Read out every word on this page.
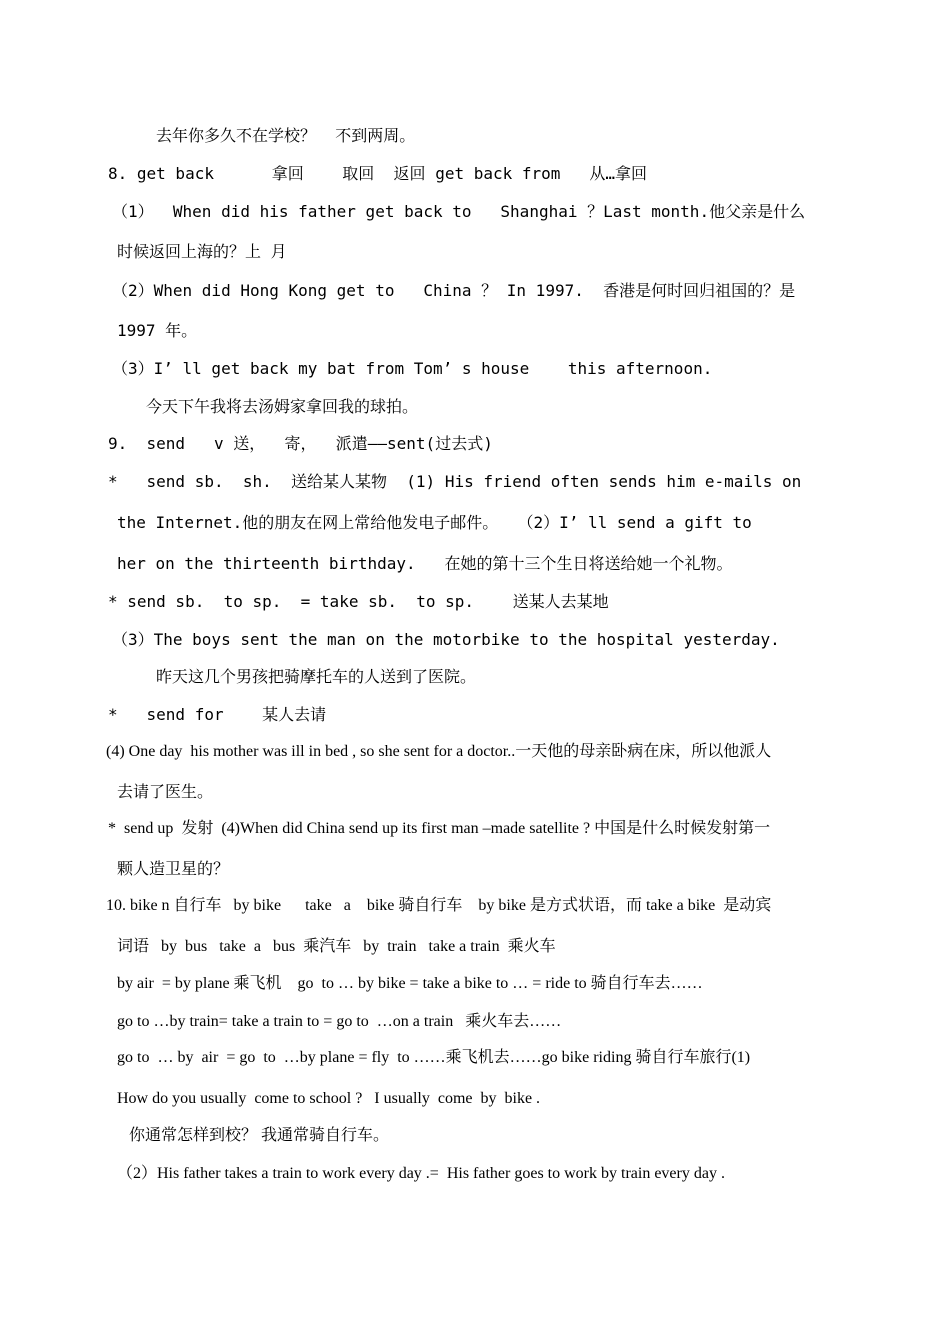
去年你多久不在学校？  不到两周。
8. get back      拿回    取回  返回 get back from   从…拿回
（1）  When did his father get back to   Shanghai ？Last month.他父亲是什么
时候返回上海的？上 月
（2）When did Hong Kong get to   China ？ In 1997.  香港是何时回归祖国的？是
1997 年。
（3）I’ ll get back my bat from Tom’ s house    this afternoon.
今天下午我将去汤姆家拿回我的球拍。
9.  send   v 送，  寄，  派遣——sent(过去式)
*   send sb.  sh.  送给某人某物  (1) His friend often sends him e-mails on
the Internet.他的朋友在网上常给他发电子邮件。  （2）I’ ll send a gift to
her on the thirteenth birthday.   在她的第十三个生日将送给她一个礼物。
* send sb.  to sp.  = take sb.  to sp.    送某人去某地
（3）The boys sent the man on the motorbike to the hospital yesterday.
昨天这几个男孩把骑摩托车的人送到了医院。
*   send for    某人去请
(4) One day  his mother was ill in bed , so she sent for a doctor..一天他的母亲卧病在床，所以他派人
去请了医生。
*  send up  发射  (4)When did China send up its first man –made satellite ? 中国是什么时候发射第一
颗人造卫星的？
10. bike n 自行车   by bike      take   a    bike 骑自行车    by bike 是方式状语，而 take a bike  是动宾
词语   by  bus   take  a   bus  乘汽车   by  train   take a train  乘火车
by air  = by plane 乘飞机    go  to … by bike = take a bike to … = ride to 骑自行车去……
go to …by train= take a train to = go to  …on a train   乘火车去……
go to  … by  air  = go  to  …by plane = fly  to ……乘飞机去……go bike riding 骑自行车旅行(1)
How do you usually  come to school ?   I usually  come  by  bike .
你通常怎样到校？ 我通常骑自行车。
（2）His father takes a train to work every day .=  His father goes to work by train every day .
